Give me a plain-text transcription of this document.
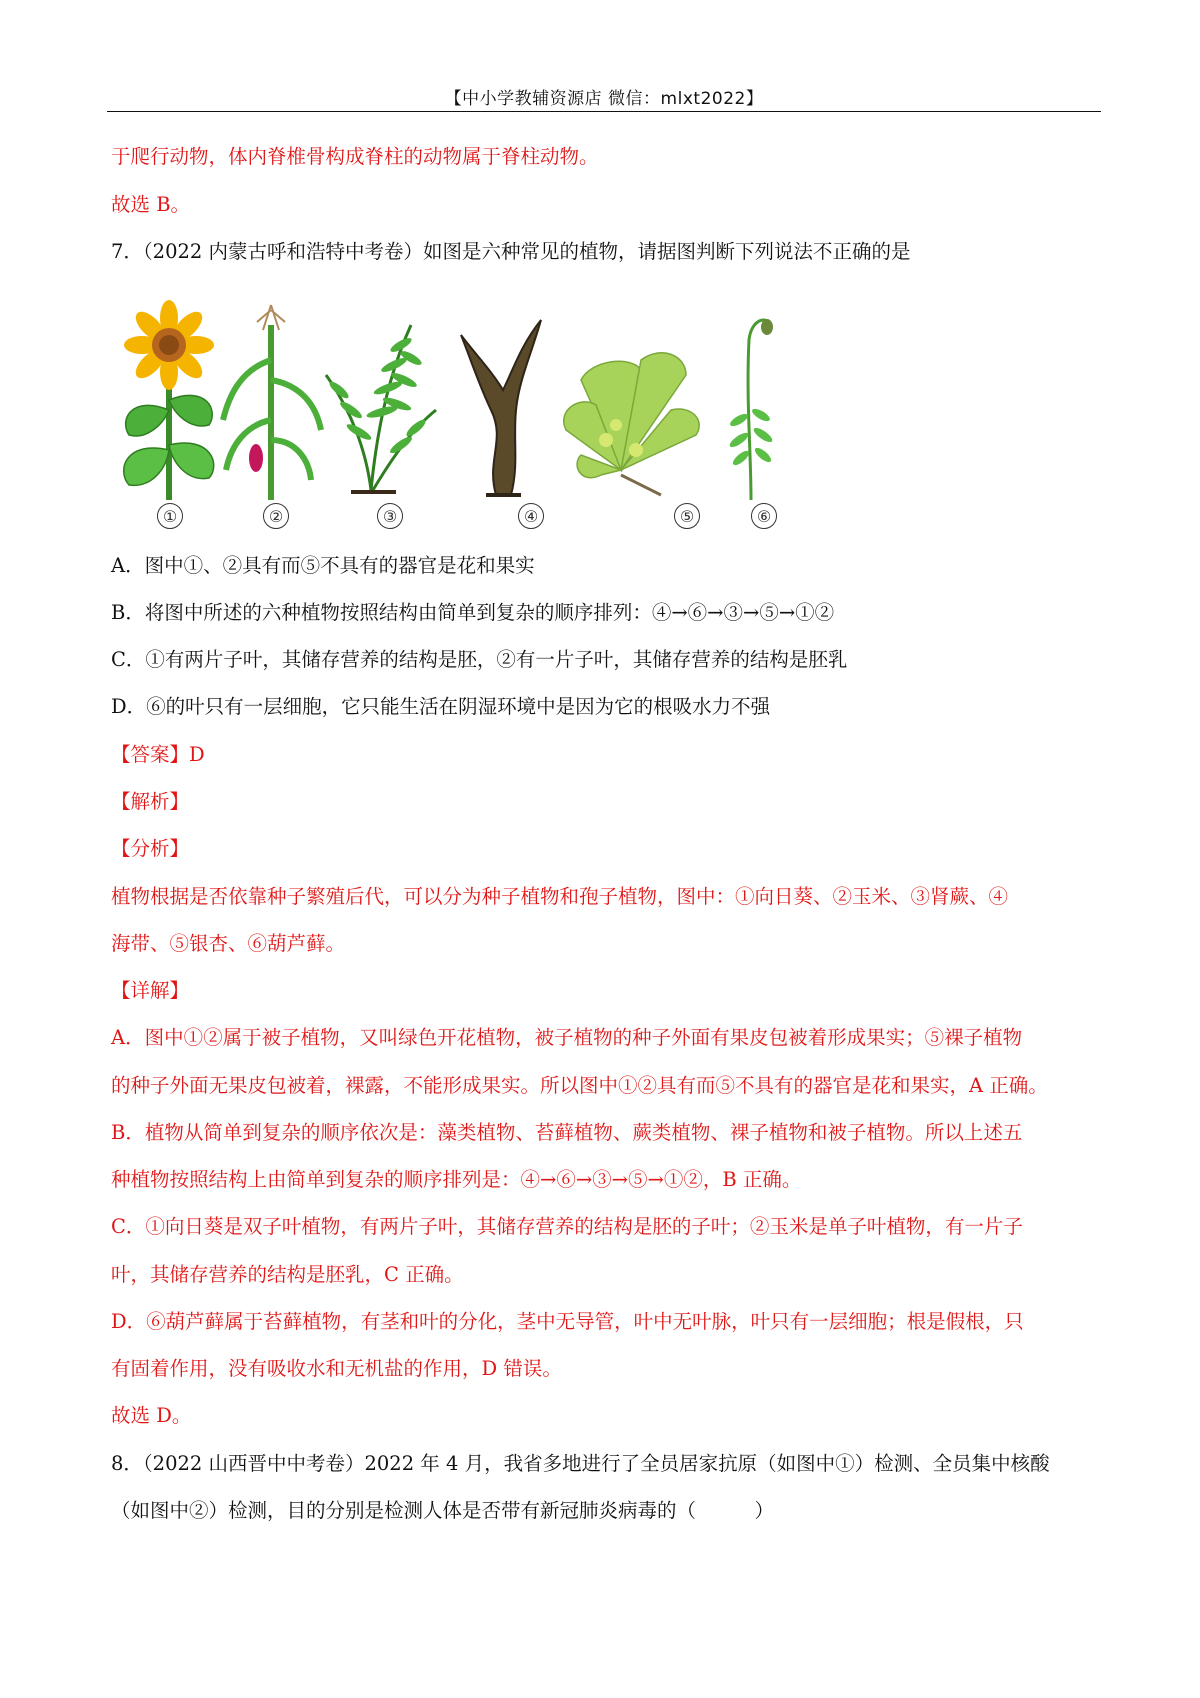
【中小学教辅资源店 微信：mlxt2022】
于爬行动物，体内脊椎骨构成脊柱的动物属于脊柱动物。
故选 B。
7．（2022 内蒙古呼和浩特中考卷）如图是六种常见的植物，请据图判断下列说法不正确的是
①	②	③	④	⑤	⑥
A．图中①、②具有而⑤不具有的器官是花和果实
B．将图中所述的六种植物按照结构由简单到复杂的顺序排列：④→⑥→③→⑤→①②
C．①有两片子叶，其储存营养的结构是胚，②有一片子叶，其储存营养的结构是胚乳
D．⑥的叶只有一层细胞，它只能生活在阴湿环境中是因为它的根吸水力不强
【答案】D
【解析】
【分析】
植物根据是否依靠种子繁殖后代，可以分为种子植物和孢子植物，图中：①向日葵、②玉米、③肾蕨、④
海带、⑤银杏、⑥葫芦藓。
【详解】
A．图中①②属于被子植物，又叫绿色开花植物，被子植物的种子外面有果皮包被着形成果实；⑤裸子植物
的种子外面无果皮包被着，裸露，不能形成果实。所以图中①②具有而⑤不具有的器官是花和果实，A 正确。
B．植物从简单到复杂的顺序依次是：藻类植物、苔藓植物、蕨类植物、裸子植物和被子植物。所以上述五
种植物按照结构上由简单到复杂的顺序排列是：④→⑥→③→⑤→①②，B 正确。
C．①向日葵是双子叶植物，有两片子叶，其储存营养的结构是胚的子叶；②玉米是单子叶植物，有一片子
叶，其储存营养的结构是胚乳，C 正确。
D．⑥葫芦藓属于苔藓植物，有茎和叶的分化，茎中无导管，叶中无叶脉，叶只有一层细胞；根是假根，只
有固着作用，没有吸收水和无机盐的作用，D 错误。
故选 D。
8．（2022 山西晋中中考卷）2022 年 4 月，我省多地进行了全员居家抗原（如图中①）检测、全员集中核酸
（如图中②）检测，目的分别是检测人体是否带有新冠肺炎病毒的（　　　）
